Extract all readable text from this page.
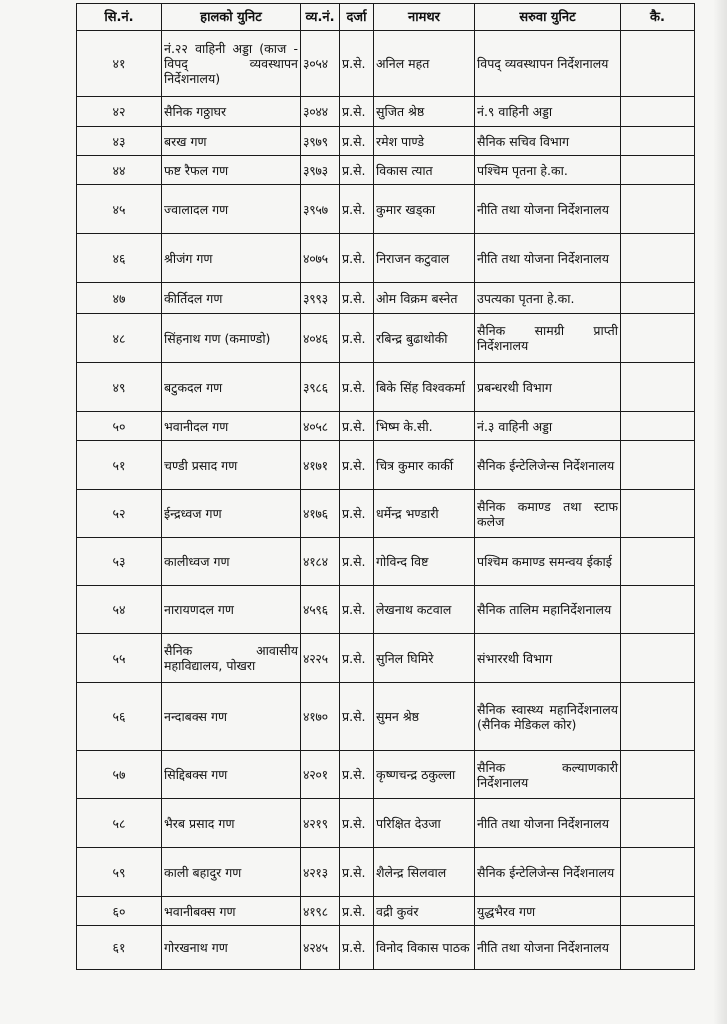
सि.नं.	हालको युनिट	व्य.नं.	दर्जा	नामथर	सरुवा युनिट	कै.
४१	नं.२२ वाहिनी अड्डा (काज - विपद् व्यवस्थापन निर्देशनालय)	३०५४	प्र.से.	अनिल महत	विपद् व्यवस्थापन निर्देशनालय	
४२	सैनिक गठ्ठाघर	३०४४	प्र.से.	सुजित श्रेष्ठ	नं.९ वाहिनी अड्डा	
४३	बरख गण	३९७९	प्र.से.	रमेश पाण्डे	सैनिक सचिव विभाग	
४४	फष्ट रैफल गण	३९७३	प्र.से.	विकास त्यात	पश्चिम पृतना हे.का.	
४५	ज्वालादल गण	३९५७	प्र.से.	कुमार खड्का	नीति तथा योजना निर्देशनालय	
४६	श्रीजंग गण	४०७५	प्र.से.	निराजन कटुवाल	नीति तथा योजना निर्देशनालय	
४७	कीर्तिदल गण	३९९३	प्र.से.	ओम विक्रम बस्नेत	उपत्यका पृतना हे.का.	
४८	सिंहनाथ गण (कमाण्डो)	४०४६	प्र.से.	रबिन्द्र बुढाथोकी	सैनिक सामग्री प्राप्ती निर्देशनालय	
४९	बटुकदल गण	३९८६	प्र.से.	बिके सिंह विश्वकर्मा	प्रबन्धरथी विभाग	
५०	भवानीदल गण	४०५८	प्र.से.	भिष्म के.सी.	नं.३ वाहिनी अड्डा	
५१	चण्डी प्रसाद गण	४१७१	प्र.से.	चित्र कुमार कार्की	सैनिक ईन्टेलिजेन्स निर्देशनालय	
५२	ईन्द्रध्वज गण	४१७६	प्र.से.	धर्मेन्द्र भण्डारी	सैनिक कमाण्ड तथा स्टाफ कलेज	
५३	कालीध्वज गण	४१८४	प्र.से.	गोविन्द विष्ट	पश्चिम कमाण्ड समन्वय ईकाई	
५४	नारायणदल गण	४५९६	प्र.से.	लेखनाथ कटवाल	सैनिक तालिम महानिर्देशनालय	
५५	सैनिक आवासीय महाविद्यालय, पोखरा	४२२५	प्र.से.	सुनिल घिमिरे	संभाररथी विभाग	
५६	नन्दाबक्स गण	४१७०	प्र.से.	सुमन श्रेष्ठ	सैनिक स्वास्थ्य महानिर्देशनालय (सैनिक मेडिकल कोर)	
५७	सिद्दिबक्स गण	४२०१	प्र.से.	कृष्णचन्द्र ठकुल्ला	सैनिक कल्याणकारी निर्देशनालय	
५८	भैरब प्रसाद गण	४२१९	प्र.से.	परिक्षित देउजा	नीति तथा योजना निर्देशनालय	
५९	काली बहादुर गण	४२१३	प्र.से.	शैलेन्द्र सिलवाल	सैनिक ईन्टेलिजेन्स निर्देशनालय	
६०	भवानीबक्स गण	४१९८	प्र.से.	वद्री कुवंर	युद्धभैरव गण	
६१	गोरखनाथ गण	४२४५	प्र.से.	विनोद विकास पाठक	नीति तथा योजना निर्देशनालय	
